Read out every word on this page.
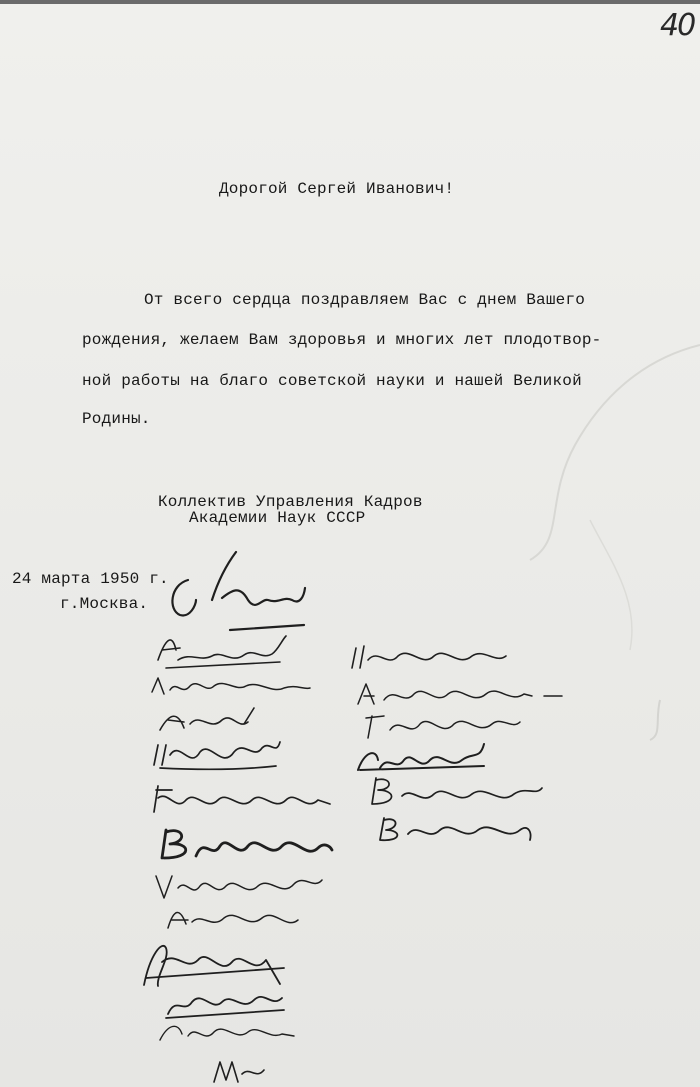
40
Дорогой Сергей Иванович!
От всего сердца поздравляем Вас с днем Вашего
рождения, желаем Вам здоровья и многих лет плодотвор-
ной работы на благо советской науки и нашей Великой
Родины.
Коллектив Управления Кадров
Академии Наук СССР
24 марта 1950 г.
г.Москва.
